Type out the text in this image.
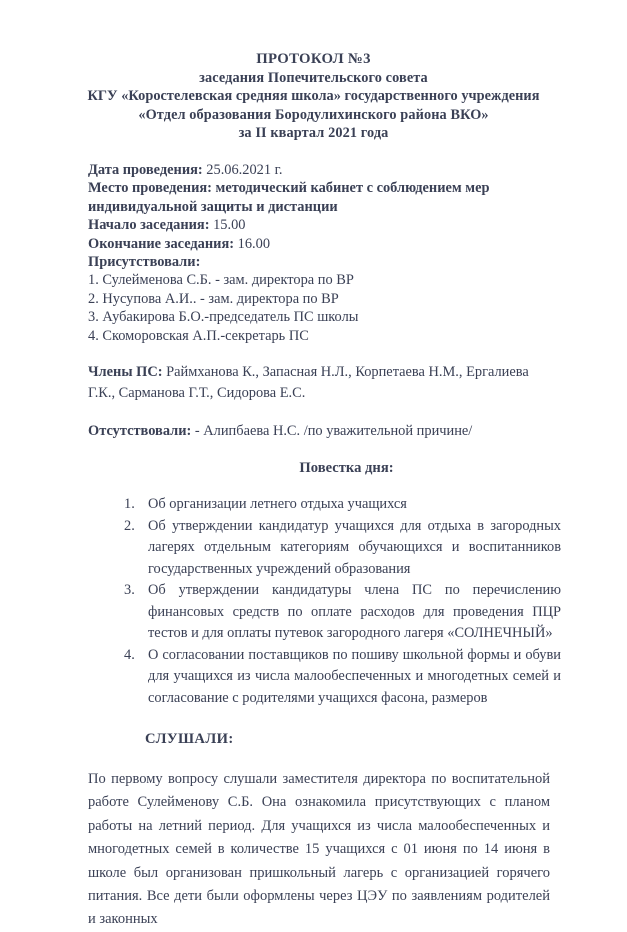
ПРОТОКОЛ №3
заседания Попечительского совета
КГУ «Коростелевская средняя школа» государственного учреждения
«Отдел образования Бородулихинского района ВКО»
за II квартал 2021 года
Дата проведения: 25.06.2021 г.
Место проведения: методический кабинет с соблюдением мер
индивидуальной защиты и дистанции
Начало заседания: 15.00
Окончание заседания: 16.00
Присутствовали:
1. Сулейменова С.Б. - зам. директора по ВР
2. Нусупова А.И.. - зам. директора по ВР
3. Аубакирова Б.О.-председатель ПС школы
4. Скоморовская А.П.-секретарь ПС
Члены ПС: Раймханова К., Запасная Н.Л., Корпетаева Н.М., Ергалиева Г.К., Сарманова Г.Т., Сидорова Е.С.
Отсутствовали: - Алипбаева Н.С. /по уважительной причине/
Повестка дня:
Об организации летнего отдыха учащихся
Об утверждении кандидатур учащихся для отдыха в загородных лагерях отдельным категориям обучающихся и воспитанников государственных учреждений образования
Об утверждении кандидатуры члена ПС по перечислению финансовых средств по оплате расходов для проведения ПЦР тестов и для оплаты путевок загородного лагеря «СОЛНЕЧНЫЙ»
О согласовании поставщиков по пошиву школьной формы и обуви для учащихся из числа малообеспеченных и многодетных семей и согласование с родителями учащихся фасона, размеров
СЛУШАЛИ:

По первому вопросу слушали заместителя директора по воспитательной работе Сулейменову С.Б. Она ознакомила присутствующих с планом работы на летний период. Для учащихся из числа малообеспеченных и многодетных семей в количестве 15 учащихся с 01 июня по 14 июня в школе был организован пришкольный лагерь с организацией горячего питания. Все дети были оформлены через ЦЭУ по заявлениям родителей и законных
